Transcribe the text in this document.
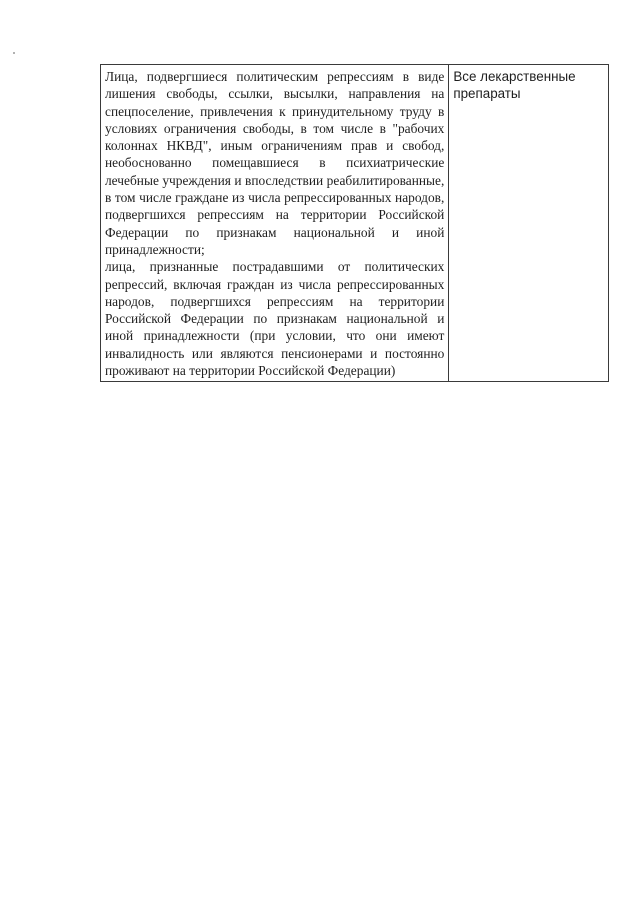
Лица, подвергшиеся политическим репрессиям в виде лишения свободы, ссылки, высылки, направления на спецпоселение, привлечения к принудительному труду в условиях ограничения свободы, в том числе в "рабочих колоннах НКВД", иным ограничениям прав и свобод, необоснованно помещавшиеся в психиатрические лечебные учреждения и впоследствии реабилитированные, в том числе граждане из числа репрессированных народов, подвергшихся репрессиям на территории Российской Федерации по признакам национальной и иной принадлежности;
лица, признанные пострадавшими от политических репрессий, включая граждан из числа репрессированных народов, подвергшихся репрессиям на территории Российской Федерации по признакам национальной и иной принадлежности (при условии, что они имеют инвалидность или являются пенсионерами и постоянно проживают на территории Российской Федерации)
	Все лекарственные препараты
